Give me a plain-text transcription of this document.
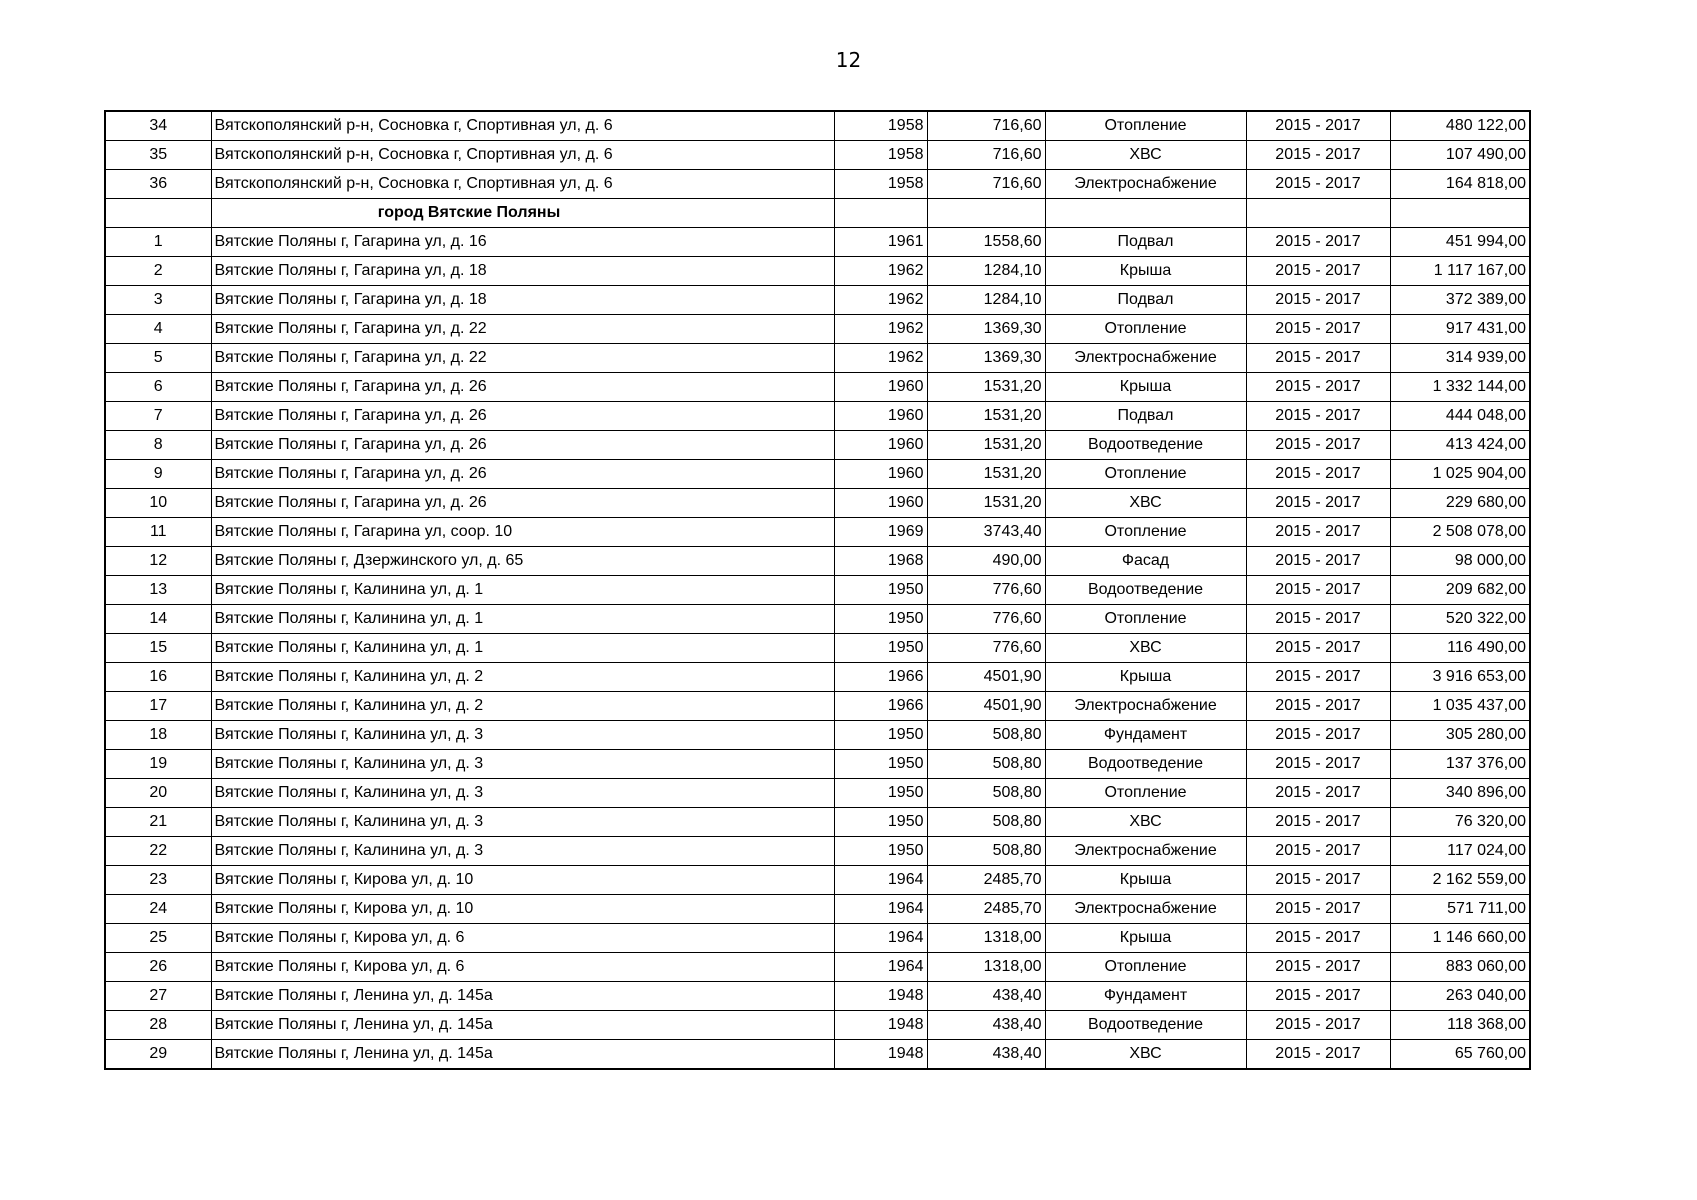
12
34	Вятскополянский р-н, Сосновка г, Спортивная ул, д. 6	1958	716,60	Отопление	2015 - 2017	480 122,00
35	Вятскополянский р-н, Сосновка г, Спортивная ул, д. 6	1958	716,60	ХВС	2015 - 2017	107 490,00
36	Вятскополянский р-н, Сосновка г, Спортивная ул, д. 6	1958	716,60	Электроснабжение	2015 - 2017	164 818,00
	город Вятские Поляны					
1	Вятские Поляны г, Гагарина ул, д. 16	1961	1558,60	Подвал	2015 - 2017	451 994,00
2	Вятские Поляны г, Гагарина ул, д. 18	1962	1284,10	Крыша	2015 - 2017	1 117 167,00
3	Вятские Поляны г, Гагарина ул, д. 18	1962	1284,10	Подвал	2015 - 2017	372 389,00
4	Вятские Поляны г, Гагарина ул, д. 22	1962	1369,30	Отопление	2015 - 2017	917 431,00
5	Вятские Поляны г, Гагарина ул, д. 22	1962	1369,30	Электроснабжение	2015 - 2017	314 939,00
6	Вятские Поляны г, Гагарина ул, д. 26	1960	1531,20	Крыша	2015 - 2017	1 332 144,00
7	Вятские Поляны г, Гагарина ул, д. 26	1960	1531,20	Подвал	2015 - 2017	444 048,00
8	Вятские Поляны г, Гагарина ул, д. 26	1960	1531,20	Водоотведение	2015 - 2017	413 424,00
9	Вятские Поляны г, Гагарина ул, д. 26	1960	1531,20	Отопление	2015 - 2017	1 025 904,00
10	Вятские Поляны г, Гагарина ул, д. 26	1960	1531,20	ХВС	2015 - 2017	229 680,00
11	Вятские Поляны г, Гагарина ул, соор. 10	1969	3743,40	Отопление	2015 - 2017	2 508 078,00
12	Вятские Поляны г, Дзержинского ул, д. 65	1968	490,00	Фасад	2015 - 2017	98 000,00
13	Вятские Поляны г, Калинина ул, д. 1	1950	776,60	Водоотведение	2015 - 2017	209 682,00
14	Вятские Поляны г, Калинина ул, д. 1	1950	776,60	Отопление	2015 - 2017	520 322,00
15	Вятские Поляны г, Калинина ул, д. 1	1950	776,60	ХВС	2015 - 2017	116 490,00
16	Вятские Поляны г, Калинина ул, д. 2	1966	4501,90	Крыша	2015 - 2017	3 916 653,00
17	Вятские Поляны г, Калинина ул, д. 2	1966	4501,90	Электроснабжение	2015 - 2017	1 035 437,00
18	Вятские Поляны г, Калинина ул, д. 3	1950	508,80	Фундамент	2015 - 2017	305 280,00
19	Вятские Поляны г, Калинина ул, д. 3	1950	508,80	Водоотведение	2015 - 2017	137 376,00
20	Вятские Поляны г, Калинина ул, д. 3	1950	508,80	Отопление	2015 - 2017	340 896,00
21	Вятские Поляны г, Калинина ул, д. 3	1950	508,80	ХВС	2015 - 2017	76 320,00
22	Вятские Поляны г, Калинина ул, д. 3	1950	508,80	Электроснабжение	2015 - 2017	117 024,00
23	Вятские Поляны г, Кирова ул, д. 10	1964	2485,70	Крыша	2015 - 2017	2 162 559,00
24	Вятские Поляны г, Кирова ул, д. 10	1964	2485,70	Электроснабжение	2015 - 2017	571 711,00
25	Вятские Поляны г, Кирова ул, д. 6	1964	1318,00	Крыша	2015 - 2017	1 146 660,00
26	Вятские Поляны г, Кирова ул, д. 6	1964	1318,00	Отопление	2015 - 2017	883 060,00
27	Вятские Поляны г, Ленина ул, д. 145а	1948	438,40	Фундамент	2015 - 2017	263 040,00
28	Вятские Поляны г, Ленина ул, д. 145а	1948	438,40	Водоотведение	2015 - 2017	118 368,00
29	Вятские Поляны г, Ленина ул, д. 145а	1948	438,40	ХВС	2015 - 2017	65 760,00
